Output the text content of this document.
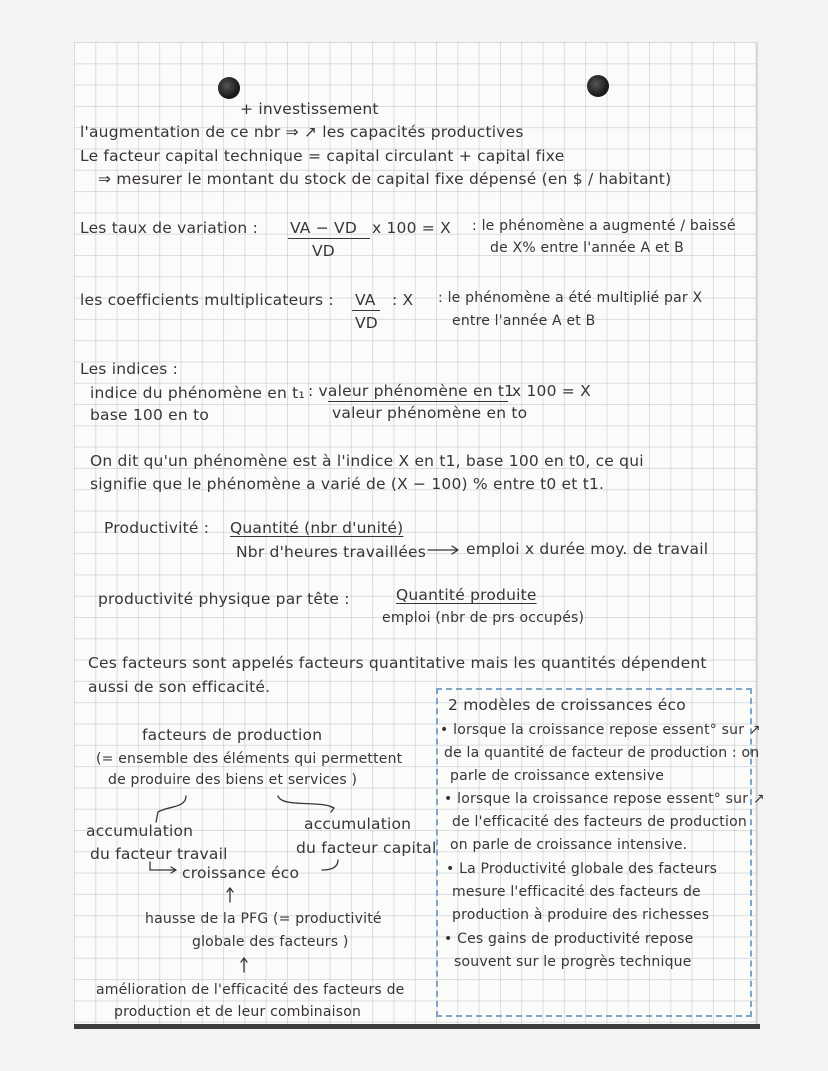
+ investissement
l'augmentation de ce nbr ⇒ ↗ les capacités productives
Le facteur capital technique = capital circulant + capital fixe
⇒ mesurer le montant du stock de capital fixe dépensé (en $ / habitant)
Les taux de variation : VA − VD
VD
x 100 = X : le phénomène a augmenté / baissé
de X% entre l'année A et B
les coefficients multiplicateurs : VA
VD
: X : le phénomène a été multiplié par X
entre l'année A et B
Les indices :
indice du phénomène en t₁
base 100 en to
: valeur phénomène en t1
x 100 = X
valeur phénomène en to
On dit qu'un phénomène est à l'indice X en t1, base 100 en t0, ce qui
signifie que le phénomène a varié de (X − 100) % entre t0 et t1.
Productivité : Quantité (nbr d'unité)
Nbr d'heures travaillées	emploi x durée moy. de travail
productivité physique par tête :	Quantité produite
emploi (nbr de prs occupés)
Ces facteurs sont appelés facteurs quantitative mais les quantités dépendent
aussi de son efficacité.
facteurs de production
(= ensemble des éléments qui permettent
de produire des biens et services )
accumulation
du facteur travail
accumulation
du facteur capital
croissance éco
hausse de la PFG (= productivité
globale des facteurs )
amélioration de l'efficacité des facteurs de
production et de leur combinaison
2 modèles de croissances éco
• lorsque la croissance repose essent° sur ↗
de la quantité de facteur de production : on
parle de croissance extensive
• lorsque la croissance repose essent° sur ↗
de l'efficacité des facteurs de production
on parle de croissance intensive.
• La Productivité globale des facteurs
mesure l'efficacité des facteurs de
production à produire des richesses
• Ces gains de productivité repose
souvent sur le progrès technique
